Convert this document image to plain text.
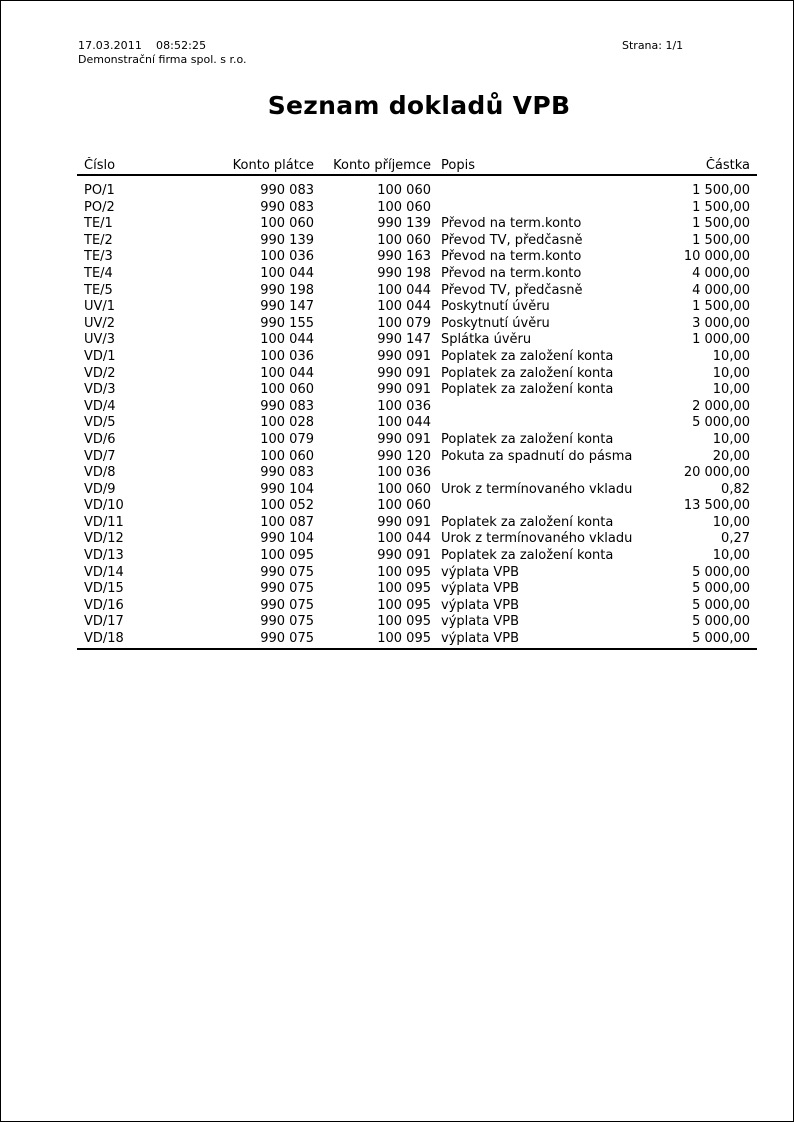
17.03.2011 08:52:25	Strana: 1/1
Demonstrační firma spol. s r.o.
Seznam dokladů VPB
Číslo	Konto plátce	Konto příjemce	Popis	Částka
PO/1	990 083	100 060		1 500,00
PO/2	990 083	100 060		1 500,00
TE/1	100 060	990 139	Převod na term.konto	1 500,00
TE/2	990 139	100 060	Převod TV, předčasně	1 500,00
TE/3	100 036	990 163	Převod na term.konto	10 000,00
TE/4	100 044	990 198	Převod na term.konto	4 000,00
TE/5	990 198	100 044	Převod TV, předčasně	4 000,00
UV/1	990 147	100 044	Poskytnutí úvěru	1 500,00
UV/2	990 155	100 079	Poskytnutí úvěru	3 000,00
UV/3	100 044	990 147	Splátka úvěru	1 000,00
VD/1	100 036	990 091	Poplatek za založení konta	10,00
VD/2	100 044	990 091	Poplatek za založení konta	10,00
VD/3	100 060	990 091	Poplatek za založení konta	10,00
VD/4	990 083	100 036		2 000,00
VD/5	100 028	100 044		5 000,00
VD/6	100 079	990 091	Poplatek za založení konta	10,00
VD/7	100 060	990 120	Pokuta za spadnutí do pásma	20,00
VD/8	990 083	100 036		20 000,00
VD/9	990 104	100 060	Úrok z termínovaného vkladu	0,82
VD/10	100 052	100 060		13 500,00
VD/11	100 087	990 091	Poplatek za založení konta	10,00
VD/12	990 104	100 044	Úrok z termínovaného vkladu	0,27
VD/13	100 095	990 091	Poplatek za založení konta	10,00
VD/14	990 075	100 095	výplata VPB	5 000,00
VD/15	990 075	100 095	výplata VPB	5 000,00
VD/16	990 075	100 095	výplata VPB	5 000,00
VD/17	990 075	100 095	výplata VPB	5 000,00
VD/18	990 075	100 095	výplata VPB	5 000,00
